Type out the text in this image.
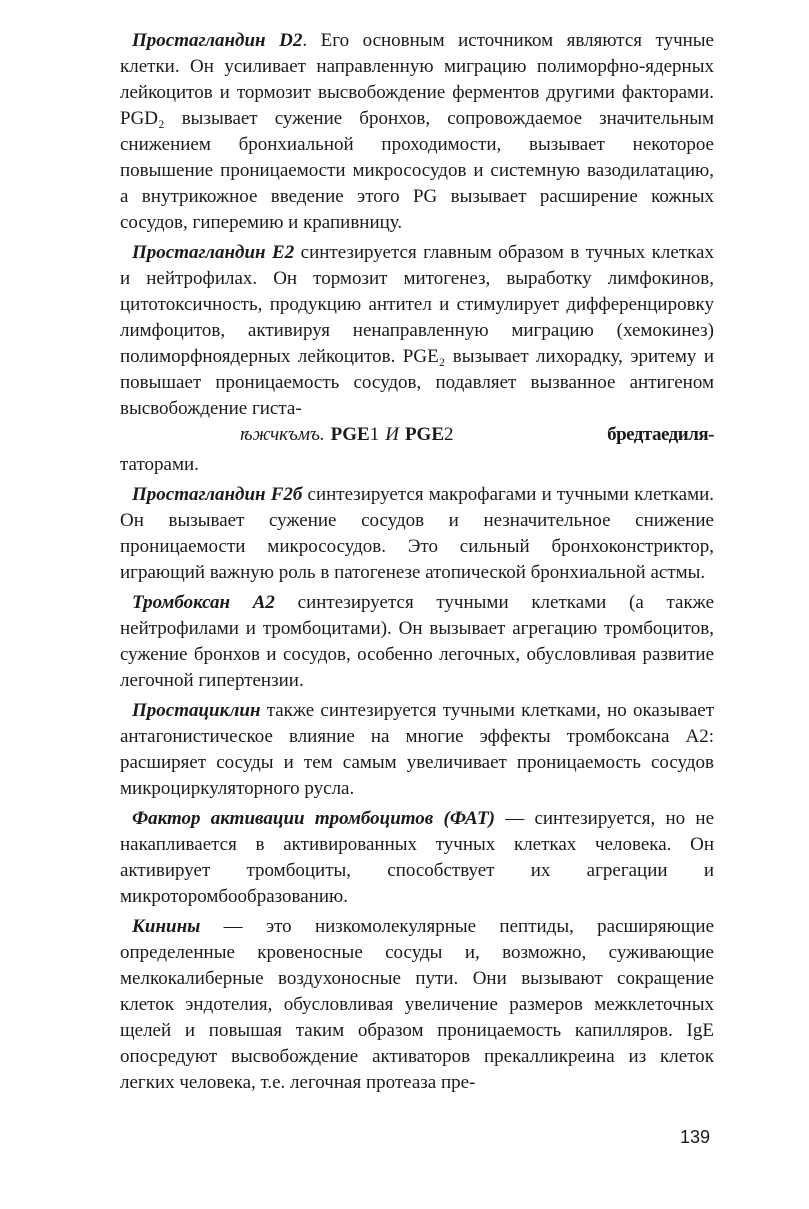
Простагландин D2. Его основным источником являются тучные клетки. Он усиливает направленную миграцию полиморфно-ядерных лейкоцитов и тормозит высвобождение ферментов другими факторами. PGD₂ вызывает сужение бронхов, сопровождаемое значительным снижением бронхиальной проходимости, вызывает некоторое повышение проницаемости микрососудов и системную вазодилатацию, а внутрикожное введение этого PG вызывает расширение кожных сосудов, гиперемию и крапивницу.

Простагландин E2 синтезируется главным образом в тучных клетках и нейтрофилах. Он тормозит митогенез, выработку лимфокинов, цитотоксичность, продукцию антител и стимулирует дифференцировку лимфоцитов, активируя ненаправленную миграцию (хемокинез) полиморфноядерных лейкоцитов. PGE₂ вызывает лихорадку, эритему и повышает проницаемость сосудов, подавляет вызванное антигеном высвобождение гиста-
ѣжчкъмъ. PGE1 И PGE2	бредтаедиля-

таторами.

Простагландин F2б синтезируется макрофагами и тучными клетками. Он вызывает сужение сосудов и незначительное снижение проницаемости микрососудов. Это сильный бронхоконстриктор, играющий важную роль в патогенезе атопической бронхиальной астмы.

Тромбоксан A2 синтезируется тучными клетками (а также нейтрофилами и тромбоцитами). Он вызывает агрегацию тромбоцитов, сужение бронхов и сосудов, особенно легочных, обусловливая развитие легочной гипертензии.

Простациклин также синтезируется тучными клетками, но оказывает антагонистическое влияние на многие эффекты тромбоксана A2: расширяет сосуды и тем самым увеличивает проницаемость сосудов микроциркуляторного русла.

Фактор активации тромбоцитов (ФАТ) — синтезируется, но не накапливается в активированных тучных клетках человека. Он активирует тромбоциты, способствует их агрегации и микроторомбообразованию.

Кинины — это низкомолекулярные пептиды, расширяющие определенные кровеносные сосуды и, возможно, суживающие мелкокалиберные воздухоносные пути. Они вызывают сокращение клеток эндотелия, обусловливая увеличение размеров межклеточных щелей и повышая таким образом проницаемость капилляров. IgE опосредуют высвобождение активаторов прекалликреина из клеток легких человека, т.е. легочная протеаза пре-

139
